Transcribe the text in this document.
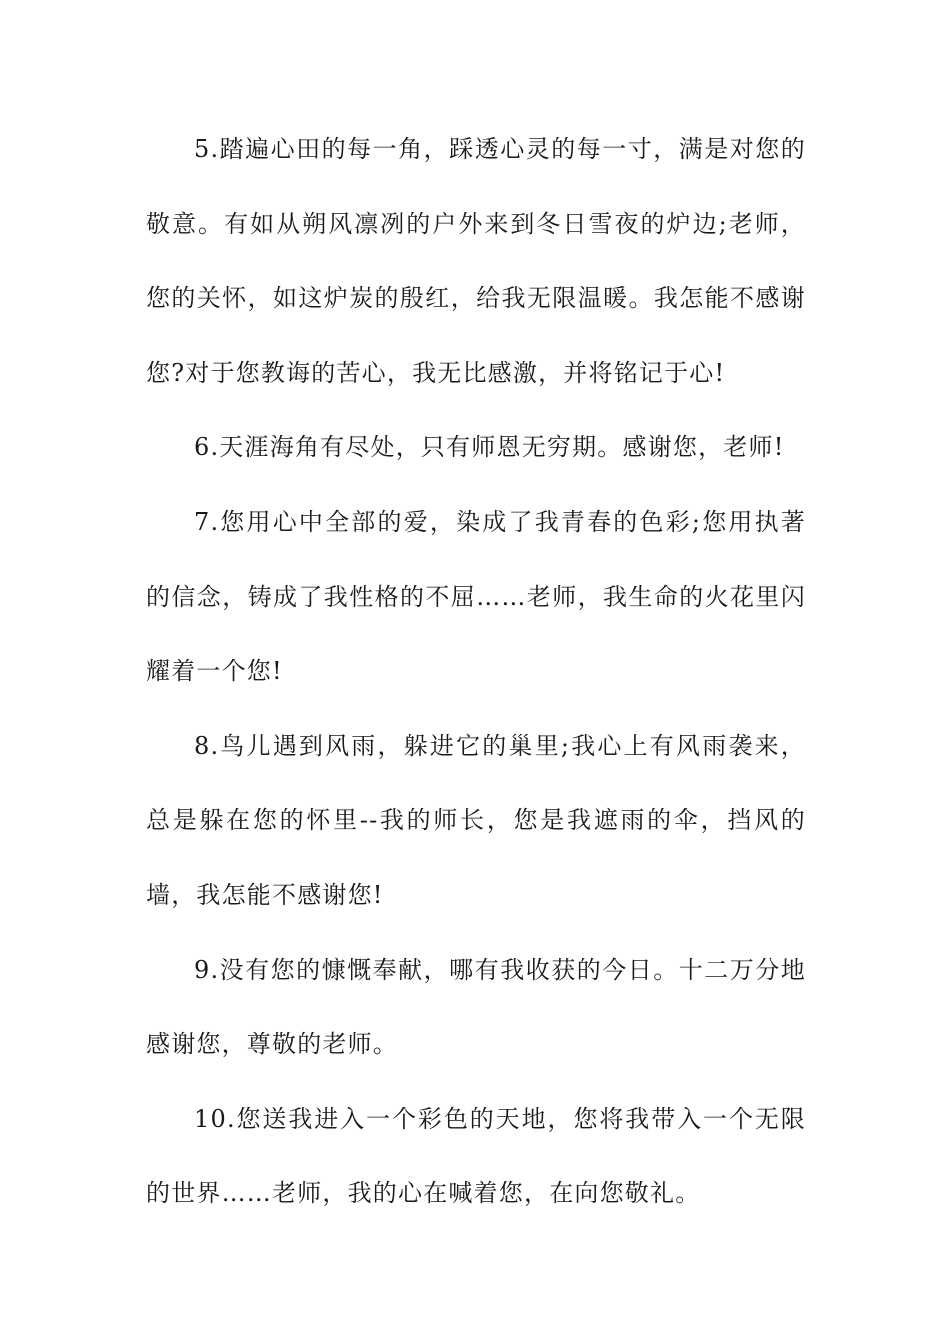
5.踏遍心田的每一角，踩透心灵的每一寸，满是对您的敬意。有如从朔风凛冽的户外来到冬日雪夜的炉边;老师，您的关怀，如这炉炭的殷红，给我无限温暖。我怎能不感谢您?对于您教诲的苦心，我无比感激，并将铭记于心!

6.天涯海角有尽处，只有师恩无穷期。感谢您，老师!

7.您用心中全部的爱，染成了我青春的色彩;您用执著的信念，铸成了我性格的不屈……老师，我生命的火花里闪耀着一个您!

8.鸟儿遇到风雨，躲进它的巢里;我心上有风雨袭来，总是躲在您的怀里--我的师长，您是我遮雨的伞，挡风的墙，我怎能不感谢您!

9.没有您的慷慨奉献，哪有我收获的今日。十二万分地感谢您，尊敬的老师。

10.您送我进入一个彩色的天地，您将我带入一个无限的世界……老师，我的心在喊着您，在向您敬礼。
